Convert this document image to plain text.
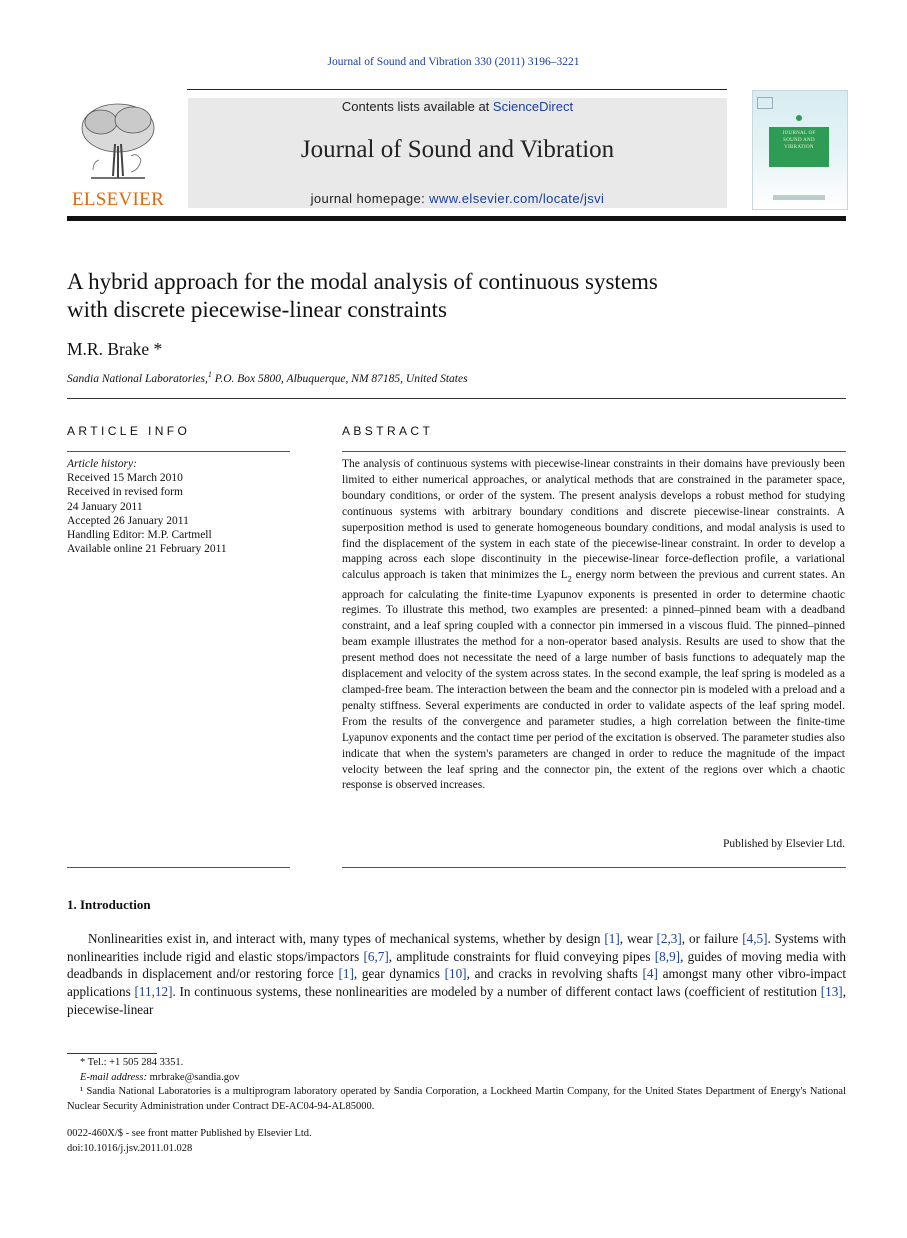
Journal of Sound and Vibration 330 (2011) 3196–3221
ELSEVIER
Contents lists available at ScienceDirect
Journal of Sound and Vibration
journal homepage: www.elsevier.com/locate/jsvi
JOURNAL OF
SOUND AND
VIBRATION
A hybrid approach for the modal analysis of continuous systems
with discrete piecewise-linear constraints
M.R. Brake *
Sandia National Laboratories,$^1$ P.O. Box 5800, Albuquerque, NM 87185, United States
ARTICLE INFO	ABSTRACT
Article history:
Received 15 March 2010
Received in revised form
24 January 2011
Accepted 26 January 2011
Handling Editor: M.P. Cartmell
Available online 21 February 2011
The analysis of continuous systems with piecewise-linear constraints in their domains have previously been limited to either numerical approaches, or analytical methods that are constrained in the parameter space, boundary conditions, or order of the system. The present analysis develops a robust method for studying continuous systems with arbitrary boundary conditions and discrete piecewise-linear constraints. A superposition method is used to generate homogeneous boundary conditions, and modal analysis is used to find the displacement of the system in each state of the piecewise-linear constraint. In order to develop a mapping across each slope discontinuity in the piecewise-linear force-deflection profile, a variational calculus approach is taken that minimizes the $L_2$ energy norm between the previous and current states. An approach for calculating the finite-time Lyapunov exponents is presented in order to determine chaotic regimes. To illustrate this method, two examples are presented: a pinned–pinned beam with a deadband constraint, and a leaf spring coupled with a connector pin immersed in a viscous fluid. The pinned–pinned beam example illustrates the method for a non-operator based analysis. Results are used to show that the present method does not necessitate the need of a large number of basis functions to adequately map the displacement and velocity of the system across states. In the second example, the leaf spring is modeled as a clamped-free beam. The interaction between the beam and the connector pin is modeled with a preload and a penalty stiffness. Several experiments are conducted in order to validate aspects of the leaf spring model. From the results of the convergence and parameter studies, a high correlation between the finite-time Lyapunov exponents and the contact time per period of the excitation is observed. The parameter studies also indicate that when the system's parameters are changed in order to reduce the magnitude of the impact velocity between the leaf spring and the connector pin, the extent of the regions over which a chaotic response is observed increases.
Published by Elsevier Ltd.
1. Introduction
Nonlinearities exist in, and interact with, many types of mechanical systems, whether by design [1], wear [2,3], or failure [4,5]. Systems with nonlinearities include rigid and elastic stops/impactors [6,7], amplitude constraints for fluid conveying pipes [8,9], guides of moving media with deadbands in displacement and/or restoring force [1], gear dynamics [10], and cracks in revolving shafts [4] amongst many other vibro-impact applications [11,12]. In continuous systems, these nonlinearities are modeled by a number of different contact laws (coefficient of restitution [13], piecewise-linear
* Tel.: +1 505 284 3351.
E-mail address: mrbrake@sandia.gov
¹ Sandia National Laboratories is a multiprogram laboratory operated by Sandia Corporation, a Lockheed Martin Company, for the United States Department of Energy's National Nuclear Security Administration under Contract DE-AC04-94-AL85000.
0022-460X/$ - see front matter Published by Elsevier Ltd.
doi:10.1016/j.jsv.2011.01.028
